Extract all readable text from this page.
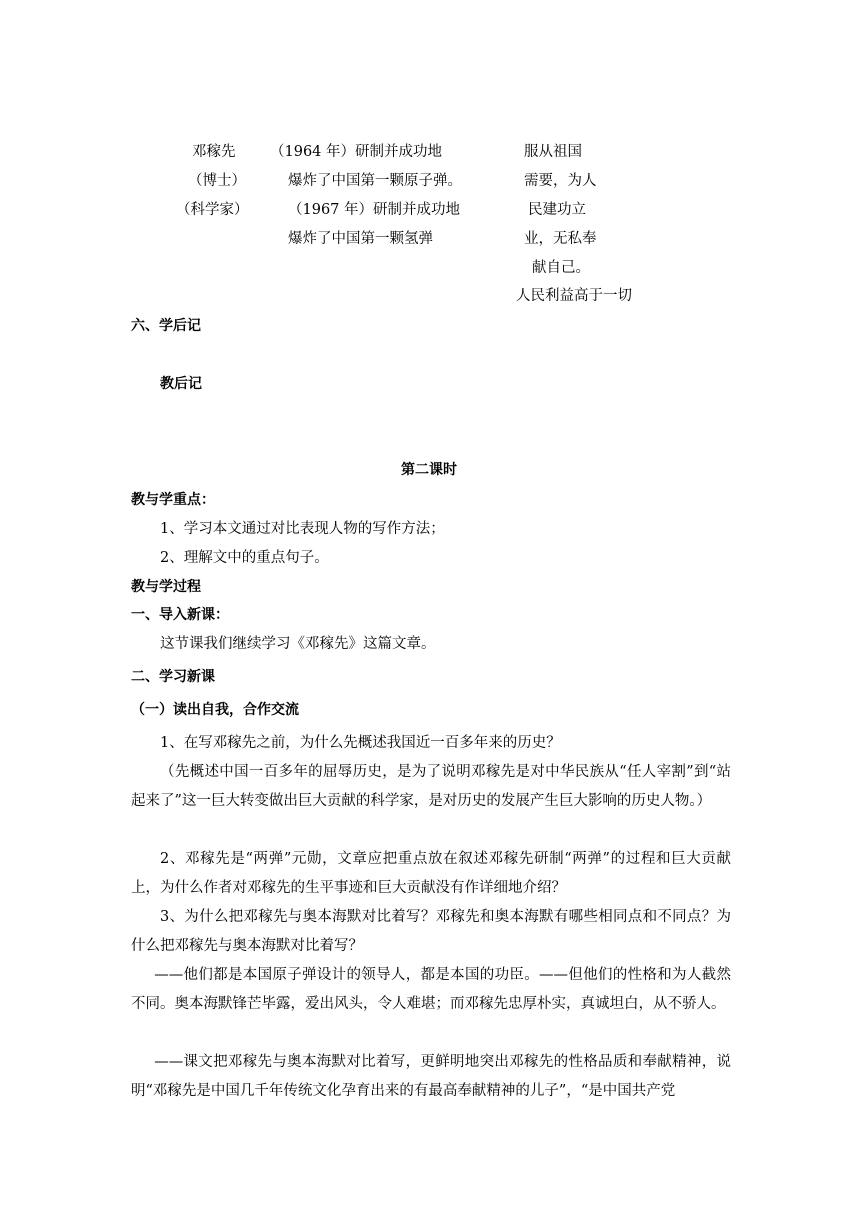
邓稼先
（博士）
（科学家）
（1964 年）研制并成功地
爆炸了中国第一颗原子弹。
（1967 年）研制并成功地
爆炸了中国第一颗氢弹
服从祖国
需要，为人
民建功立
业，无私奉
献自己。
人民利益高于一切
六、学后记
教后记
第二课时
教与学重点：
1、学习本文通过对比表现人物的写作方法；
2、理解文中的重点句子。
教与学过程
一、导入新课：
这节课我们继续学习《邓稼先》这篇文章。
二、学习新课
（一）读出自我，合作交流
1、在写邓稼先之前，为什么先概述我国近一百多年来的历史？
（先概述中国一百多年的屈辱历史，是为了说明邓稼先是对中华民族从“任人宰割”到“站起来了”这一巨大转变做出巨大贡献的科学家，是对历史的发展产生巨大影响的历史人物。）
2、邓稼先是“两弹”元勋，文章应把重点放在叙述邓稼先研制“两弹”的过程和巨大贡献上，为什么作者对邓稼先的生平事迹和巨大贡献没有作详细地介绍？
3、为什么把邓稼先与奥本海默对比着写？邓稼先和奥本海默有哪些相同点和不同点？为什么把邓稼先与奥本海默对比着写？
——他们都是本国原子弹设计的领导人，都是本国的功臣。——但他们的性格和为人截然不同。奥本海默锋芒毕露，爱出风头，令人难堪；而邓稼先忠厚朴实，真诚坦白，从不骄人。
——课文把邓稼先与奥本海默对比着写，更鲜明地突出邓稼先的性格品质和奉献精神，说明“邓稼先是中国几千年传统文化孕育出来的有最高奉献精神的儿子”，“是中国共产党
